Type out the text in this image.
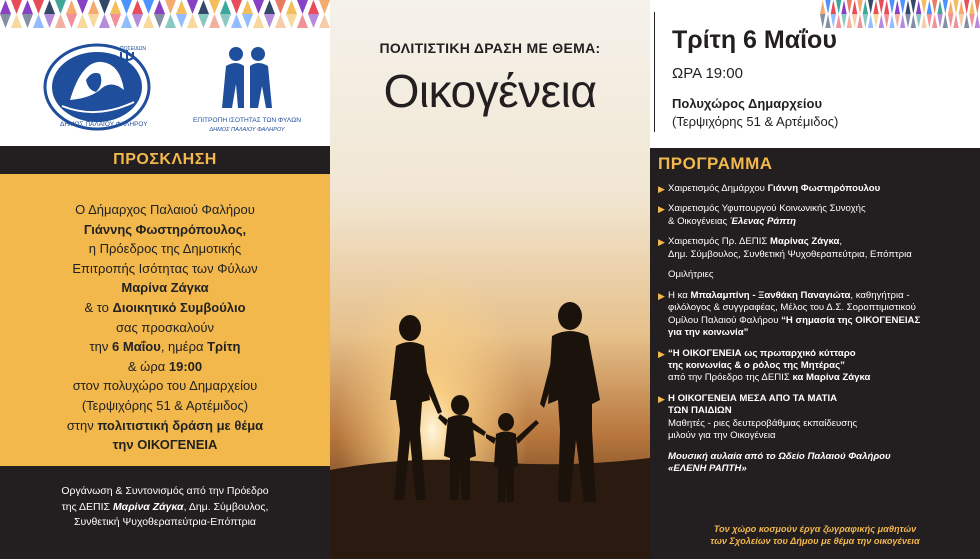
ΠΟΣΕΙΔΩΝ
ΔΗΜΟΣ ΠΑΛΑΙΟΥ ΦΑΛΗΡΟΥ
ΕΠΙΤΡΟΠΗ ΙΣΟΤΗΤΑΣ ΤΩΝ ΦΥΛΩΝ
ΔΗΜΟΣ ΠΑΛΑΙΟΥ ΦΑΛΗΡΟΥ
ΠΡΟΣΚΛΗΣΗ
Ο Δήμαρχος Παλαιού Φαλήρου
Γιάννης Φωστηρόπουλος,
η Πρόεδρος της Δημοτικής
Επιτροπής Ισότητας των Φύλων
Μαρίνα Ζάγκα
& το Διοικητικό Συμβούλιο
σας προσκαλούν
την 6 Μαΐου, ημέρα Τρίτη
& ώρα 19:00
στον πολυχώρο του Δημαρχείου
(Τερψιχόρης 51 & Αρτέμιδος)
στην πολιτιστική δράση με θέμα
την ΟΙΚΟΓΕΝΕΙΑ
Οργάνωση & Συντονισμός από την Πρόεδρο
της ΔΕΠΙΣ Μαρίνα Ζάγκα, Δημ. Σύμβουλος,
Συνθετική Ψυχοθεραπεύτρια-Επόπτρια
ΠΟΛΙΤΙΣΤΙΚΗ ΔΡΑΣΗ ΜΕ ΘΕΜΑ:
Οικογένεια
Τρίτη 6 Μαΐου
ΩΡΑ 19:00
Πολυχώρος Δημαρχείου
(Τερψιχόρης 51 & Αρτέμιδος)
ΠΡΟΓΡΑΜΜΑ
▶ Χαιρετισμός Δημάρχου Γιάννη Φωστηρόπουλου
▶ Χαιρετισμός Υφυπουργού Κοινωνικής Συνοχής
& Οικογένειας Έλενας Ράπτη
▶ Χαιρετισμός Πρ. ΔΕΠΙΣ Μαρίνας Ζάγκα,
Δημ. Σύμβουλος, Συνθετική Ψυχοθεραπεύτρια, Επόπτρια
Ομιλήτριες
▶ Η κα Μπαλαμπίνη - Ξανθάκη Παναγιώτα, καθηγήτρια -
φιλόλογος & συγγραφέας, Μέλος του Δ.Σ. Σοροπτιμιστικού
Ομίλου Παλαιού Φαλήρου “Η σημασία της ΟΙΚΟΓΕΝΕΙΑΣ
για την κοινωνία”
▶ “Η ΟΙΚΟΓΕΝΕΙΑ ως πρωταρχικό κύτταρο
της κοινωνίας & ο ρόλος της Μητέρας”
από την Πρόεδρο της ΔΕΠΙΣ κα Μαρίνα Ζάγκα
▶ Η ΟΙΚΟΓΕΝΕΙΑ ΜΕΣΑ ΑΠΟ ΤΑ ΜΑΤΙΑ
ΤΩΝ ΠΑΙΔΙΩΝ
Μαθητές - ριες δευτεροβάθμιας εκπαίδευσης
μιλούν για την Οικογένεια
Μουσική αυλαία από το Ωδείο Παλαιού Φαλήρου
«ΕΛΕΝΗ ΡΑΠΤΗ»
Τον χώρο κοσμούν έργα ζωγραφικής μαθητών
των Σχολείων του Δήμου με θέμα την οικογένεια
